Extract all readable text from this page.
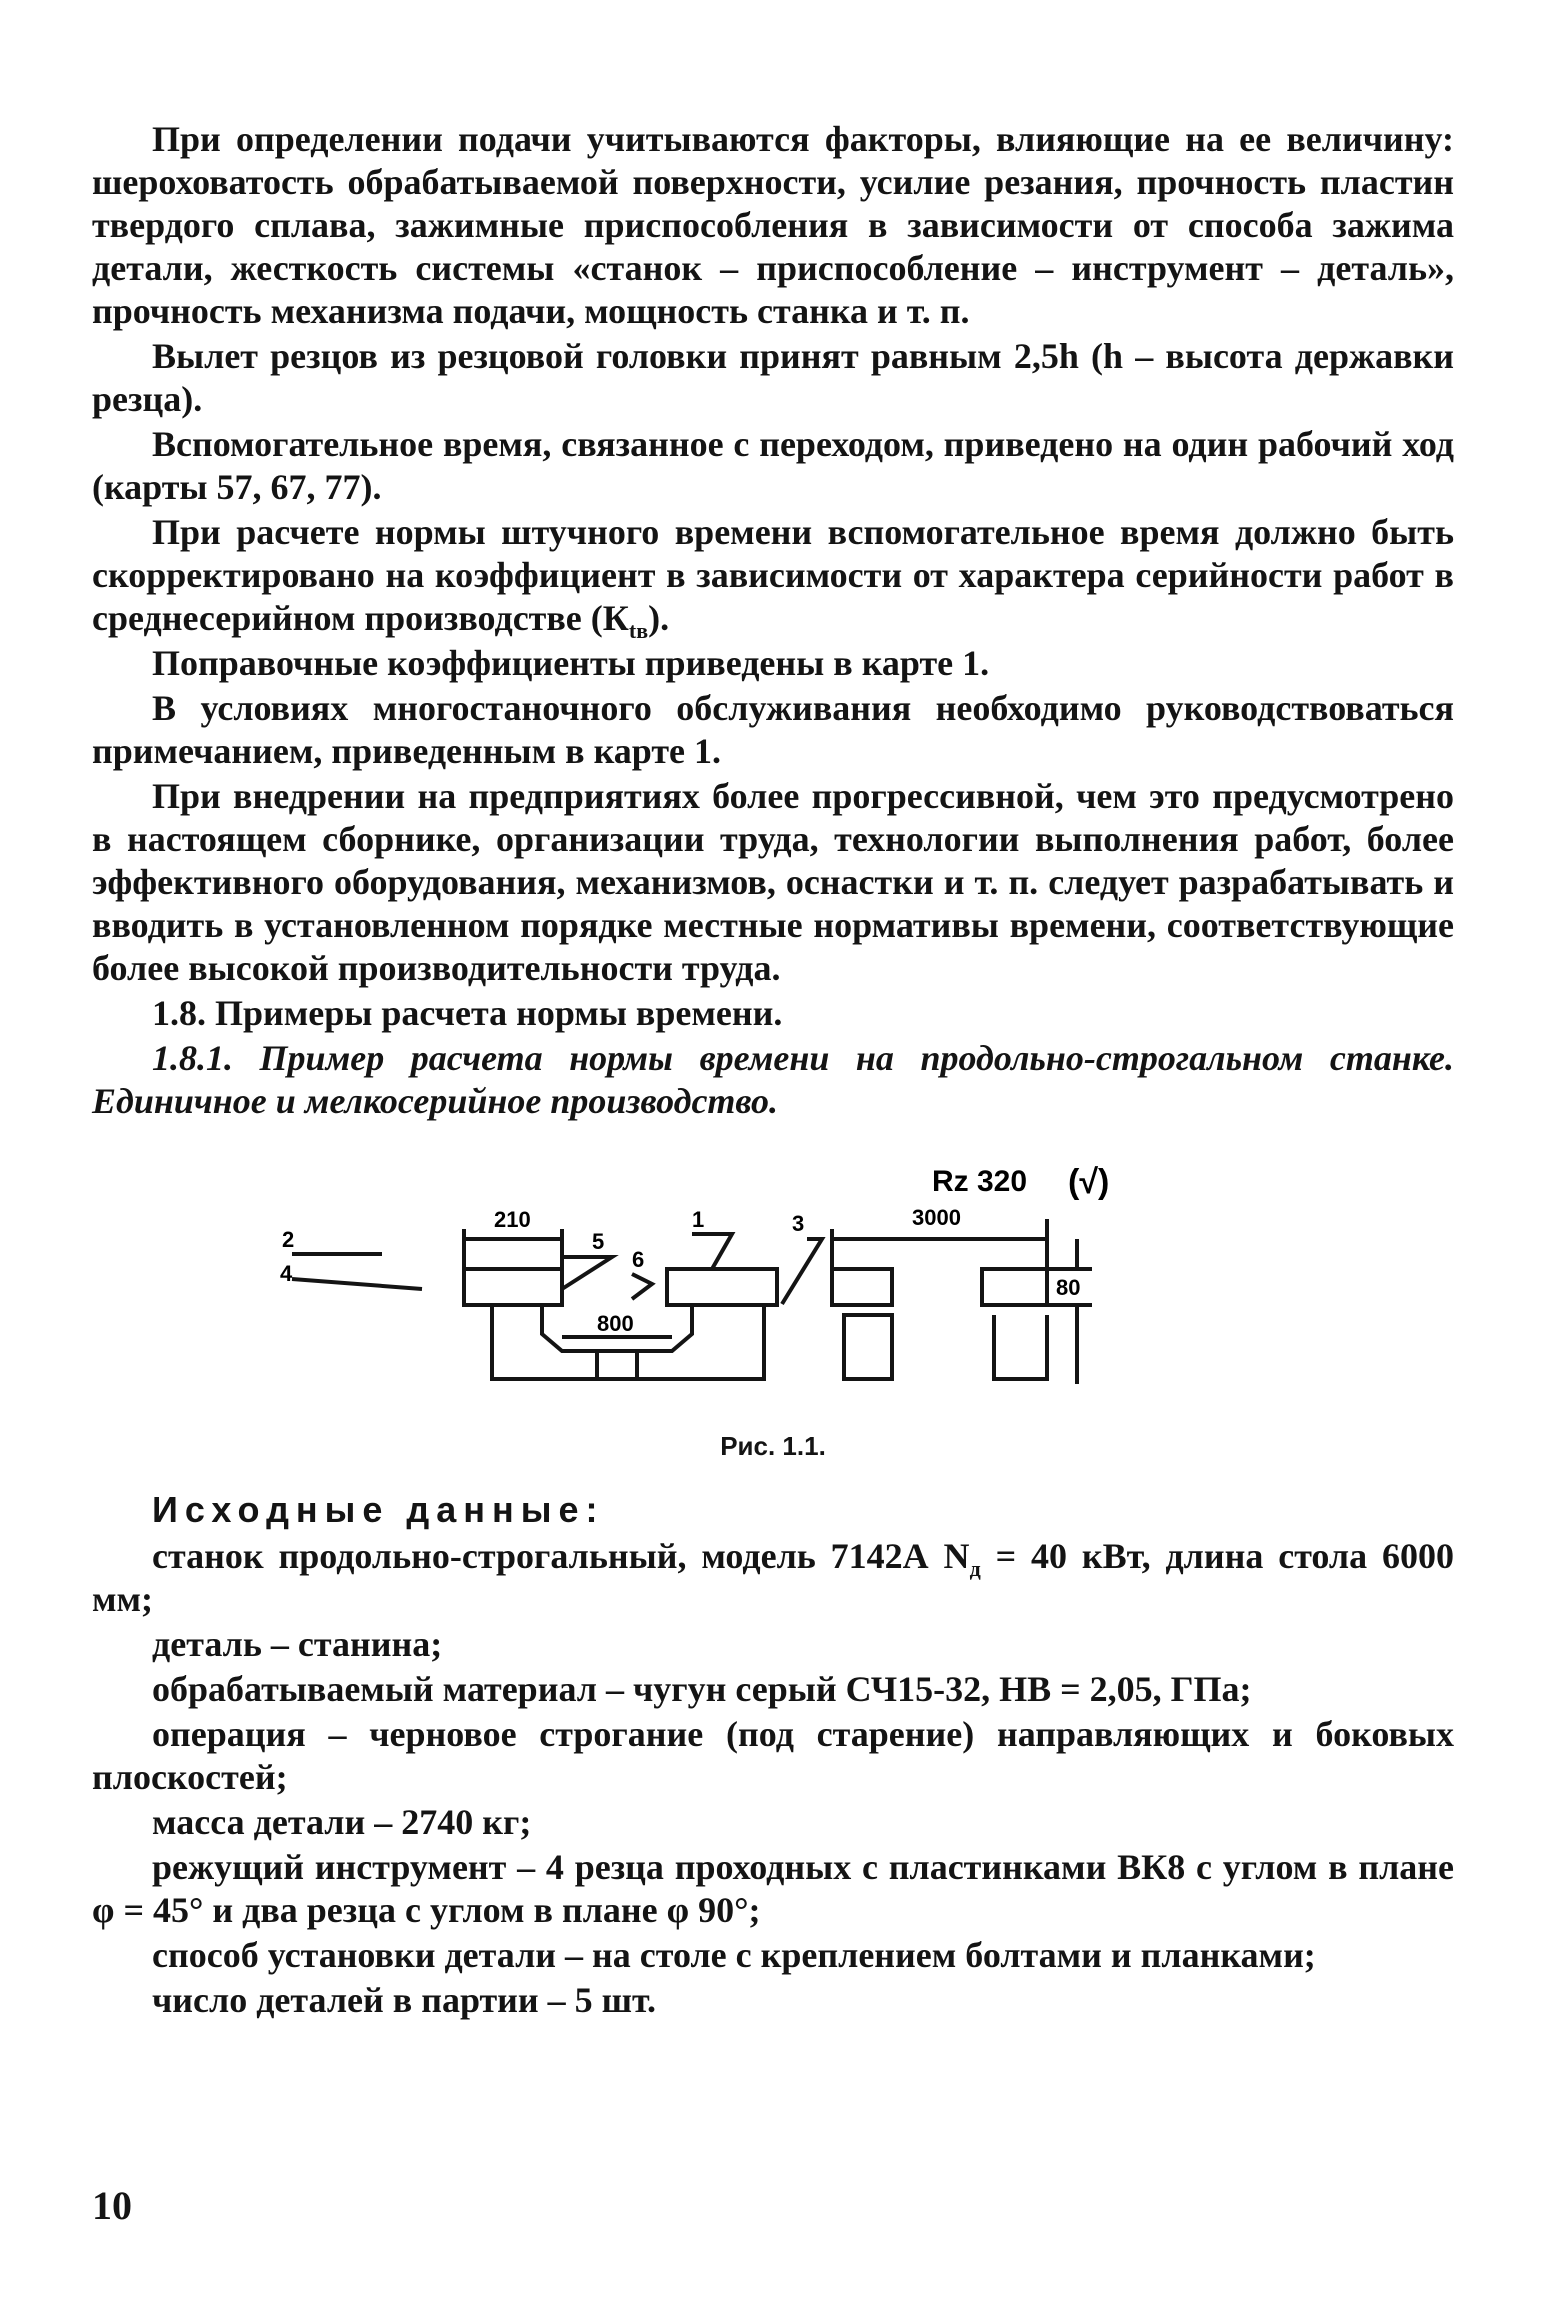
При определении подачи учитываются факторы, влияющие на ее величину: шероховатость обрабатываемой поверхности, усилие резания, прочность пластин твердого сплава, зажимные приспособления в зависимости от способа зажима детали, жесткость системы «станок – приспособление – инструмент – деталь», прочность механизма подачи, мощность станка и т. п.

Вылет резцов из резцовой головки принят равным 2,5h (h – высота державки резца).

Вспомогательное время, связанное с переходом, приведено на один рабочий ход (карты 57, 67, 77).

При расчете нормы штучного времени вспомогательное время должно быть скорректировано на коэффициент в зависимости от характера серийности работ в среднесерийном производстве $(К_{tв})$.

Поправочные коэффициенты приведены в карте 1.

В условиях многостаночного обслуживания необходимо руководствоваться примечанием, приведенным в карте 1.

При внедрении на предприятиях более прогрессивной, чем это предусмотрено в настоящем сборнике, организации труда, технологии выполнения работ, более эффективного оборудования, механизмов, оснастки и т. п. следует разрабатывать и вводить в установленном порядке местные нормативы времени, соответствующие более высокой производительности труда.

1.8. Примеры расчета нормы времени.

1.8.1. Пример расчета нормы времени на продольно-строгальном станке. Единичное и мелкосерийное производство.

Rz 320 (√)
2
4
210
5
6
1	3
800
3000
80
Рис. 1.1.

Исходные данные:

станок продольно-строгальный, модель 7142А $N_д = 40$ кВт, длина стола 6000 мм;

деталь – станина;

обрабатываемый материал – чугун серый СЧ15-32, НВ = 2,05, ГПа;

операция – черновое строгание (под старение) направляющих и боковых плоскостей;

масса детали – 2740 кг;

режущий инструмент – 4 резца проходных с пластинками ВК8 с углом в плане φ = 45° и два резца с углом в плане φ 90°;

способ установки детали – на столе с креплением болтами и планками;

число деталей в партии – 5 шт.

10
